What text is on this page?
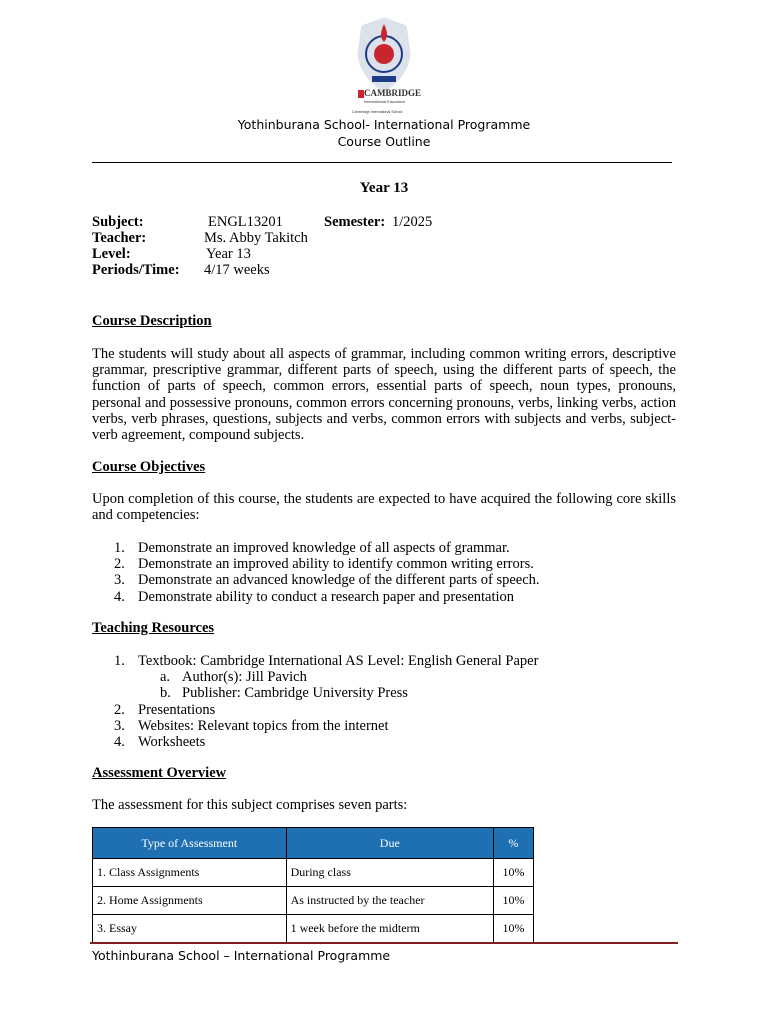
CAMBRIDGE
International Education
Cambridge International School
Yothinburana School- International Programme
Course Outline
Year 13
Subject:	ENGL13201	Semester: 1/2025
Teacher:	Ms. Abby Takitch
Level:	Year 13
Periods/Time: 4/17 weeks
Course Description
The students will study about all aspects of grammar, including common writing errors, descriptive grammar, prescriptive grammar, different parts of speech, using the different parts of speech, the function of parts of speech, common errors, essential parts of speech, noun types, pronouns, personal and possessive pronouns, common errors concerning pronouns, verbs, linking verbs, action verbs, verb phrases, questions, subjects and verbs, common errors with subjects and verbs, subject-verb agreement, compound subjects.
Course Objectives
Upon completion of this course, the students are expected to have acquired the following core skills and competencies:
1. Demonstrate an improved knowledge of all aspects of grammar.
2. Demonstrate an improved ability to identify common writing errors.
3. Demonstrate an advanced knowledge of the different parts of speech.
4. Demonstrate ability to conduct a research paper and presentation
Teaching Resources
1. Textbook: Cambridge International AS Level: English General Paper
a. Author(s): Jill Pavich
b. Publisher: Cambridge University Press
2. Presentations
3. Websites: Relevant topics from the internet
4. Worksheets
Assessment Overview
The assessment for this subject comprises seven parts:
Type of Assessment	Due	%
1. Class Assignments	During class	10%
2. Home Assignments	As instructed by the teacher	10%
3. Essay	1 week before the midterm	10%
Yothinburana School – International Programme
